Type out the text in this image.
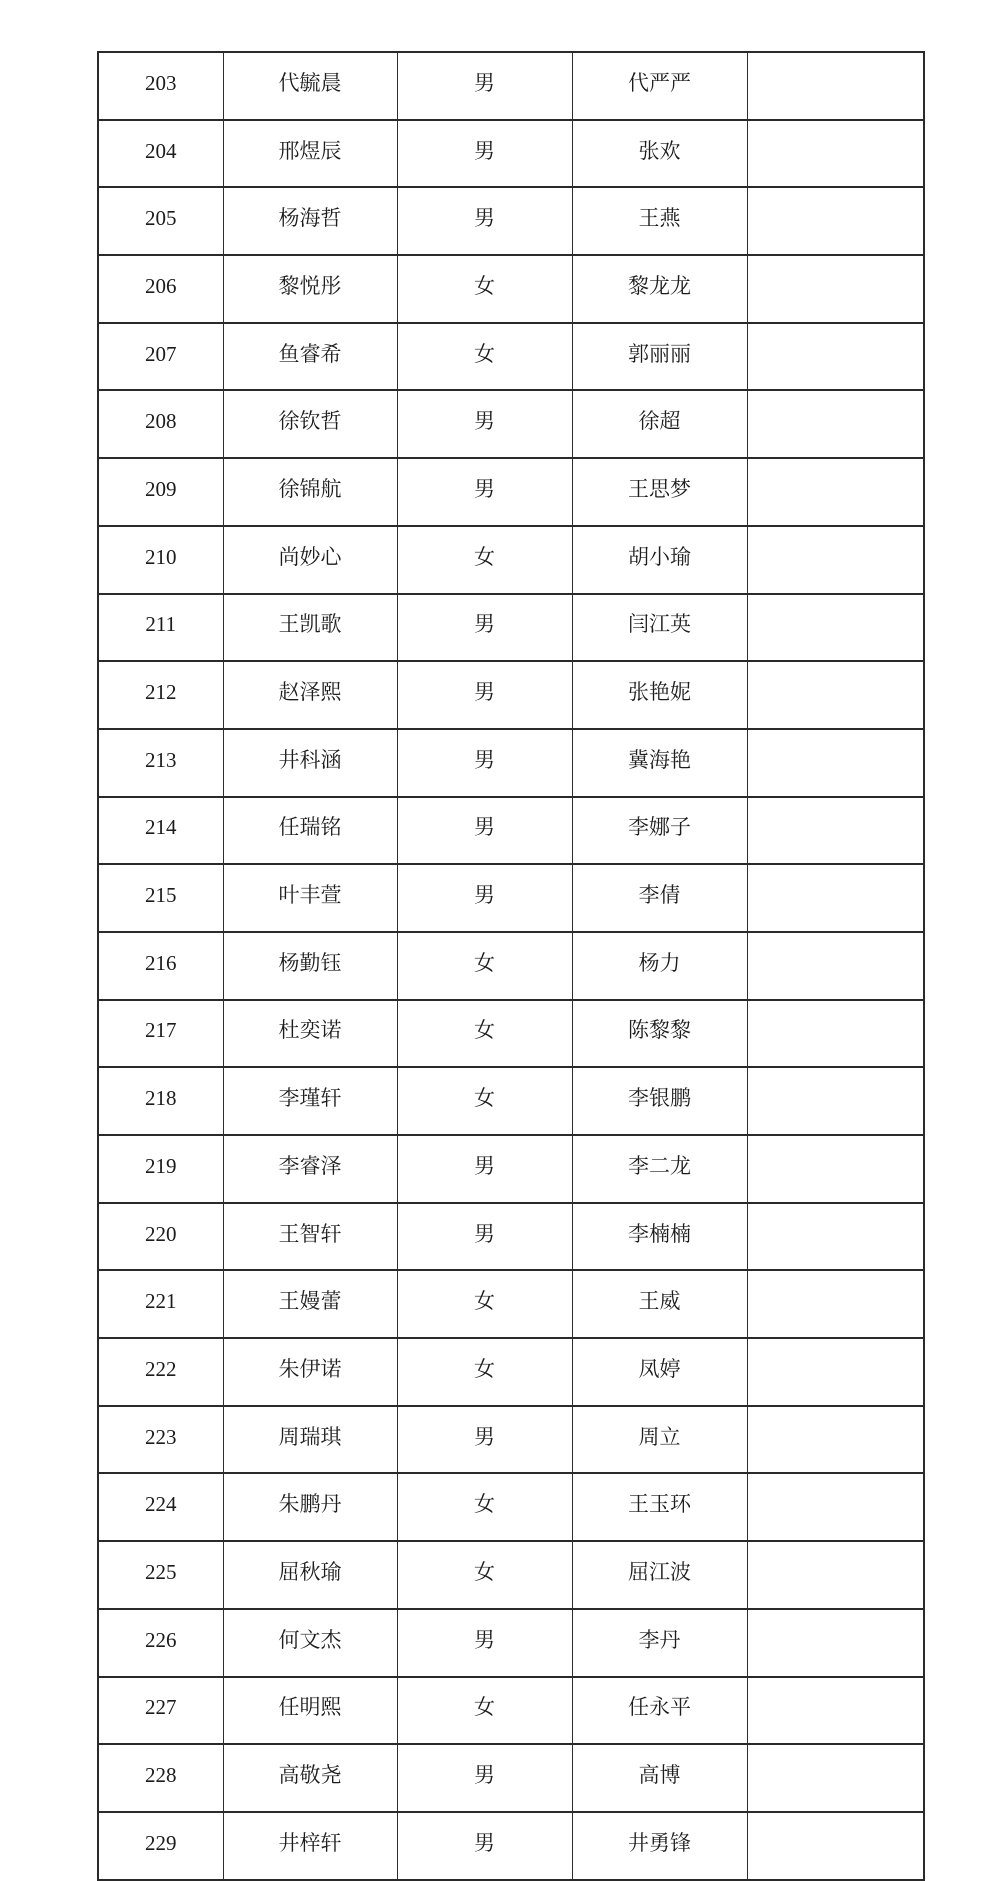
203	代毓晨	男	代严严	
204	邢煜辰	男	张欢	
205	杨海哲	男	王燕	
206	黎悦彤	女	黎龙龙	
207	鱼睿希	女	郭丽丽	
208	徐钦哲	男	徐超	
209	徐锦航	男	王思梦	
210	尚妙心	女	胡小瑜	
211	王凯歌	男	闫江英	
212	赵泽熙	男	张艳妮	
213	井科涵	男	冀海艳	
214	任瑞铭	男	李娜子	
215	叶丰萱	男	李倩	
216	杨勤钰	女	杨力	
217	杜奕诺	女	陈黎黎	
218	李瑾轩	女	李银鹏	
219	李睿泽	男	李二龙	
220	王智轩	男	李楠楠	
221	王嫚蕾	女	王威	
222	朱伊诺	女	凤婷	
223	周瑞琪	男	周立	
224	朱鹏丹	女	王玉环	
225	屈秋瑜	女	屈江波	
226	何文杰	男	李丹	
227	任明熙	女	任永平	
228	高敬尧	男	高博	
229	井梓轩	男	井勇锋	
